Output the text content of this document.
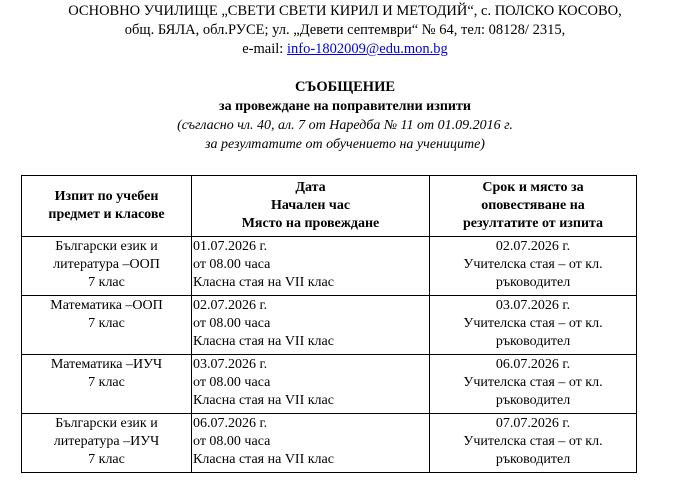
ОСНОВНО УЧИЛИЩЕ „СВЕТИ СВЕТИ КИРИЛ И МЕТОДИЙ“, с. ПОЛСКО КОСОВО,
общ. БЯЛА, обл.РУСЕ; ул. „Девети септември“ № 64, тел: 08128/ 2315,
e-mail: info-1802009@edu.mon.bg
СЪОБЩЕНИЕ
за провеждане на поправителни изпити
(съгласно чл. 40, ал. 7 от Наредба № 11 от 01.09.2016 г.
за резултатите от обучението на учениците)
Изпит по учебен
предмет и класове	Дата
Начален час
Място на провеждане	Срок и място за
оповестяване на
резултатите от изпита

Български език и
литература –ООП
7 клас	01.07.2026 г.
от 08.00 часа
Класна стая на VII клас	02.07.2026 г.
Учителска стая – от кл.
ръководител

Математика –ООП
7 клас	02.07.2026 г.
от 08.00 часа
Класна стая на VII клас	03.07.2026 г.
Учителска стая – от кл.
ръководител

Математика –ИУЧ
7 клас	03.07.2026 г.
от 08.00 часа
Класна стая на VII клас	06.07.2026 г.
Учителска стая – от кл.
ръководител

Български език и
литература –ИУЧ
7 клас	06.07.2026 г.
от 08.00 часа
Класна стая на VII клас	07.07.2026 г.
Учителска стая – от кл.
ръководител
